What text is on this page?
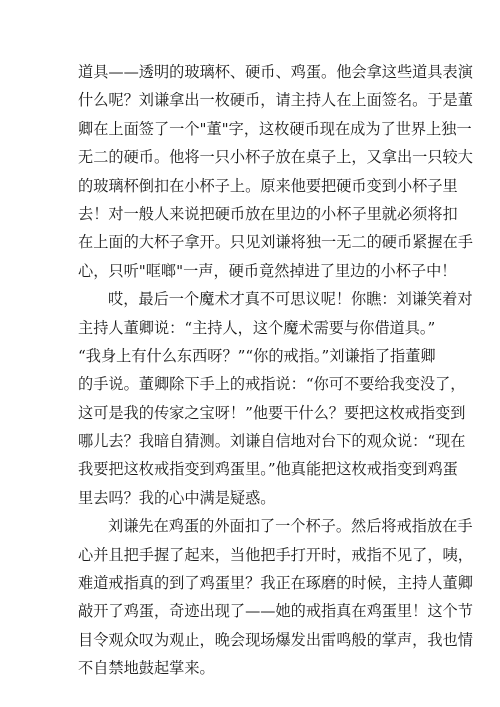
道具——透明的玻璃杯、硬币、鸡蛋。他会拿这些道具表演
什么呢？刘谦拿出一枚硬币，请主持人在上面签名。于是董
卿在上面签了一个"董"字，这枚硬币现在成为了世界上独一
无二的硬币。他将一只小杯子放在桌子上，又拿出一只较大
的玻璃杯倒扣在小杯子上。原来他要把硬币变到小杯子里
去！对一般人来说把硬币放在里边的小杯子里就必须将扣
在上面的大杯子拿开。只见刘谦将独一无二的硬币紧握在手
心，只听"哐啷"一声，硬币竟然掉进了里边的小杯子中！
哎，最后一个魔术才真不可思议呢！你瞧：刘谦笑着对
主持人董卿说：“主持人，这个魔术需要与你借道具。”
“我身上有什么东西呀？”“你的戒指。”刘谦指了指董卿
的手说。董卿除下手上的戒指说：“你可不要给我变没了，
这可是我的传家之宝呀！”他要干什么？要把这枚戒指变到
哪儿去？我暗自猜测。刘谦自信地对台下的观众说：“现在
我要把这枚戒指变到鸡蛋里。”他真能把这枚戒指变到鸡蛋
里去吗？我的心中满是疑惑。
刘谦先在鸡蛋的外面扣了一个杯子。然后将戒指放在手
心并且把手握了起来，当他把手打开时，戒指不见了，咦，
难道戒指真的到了鸡蛋里？我正在琢磨的时候，主持人董卿
敲开了鸡蛋，奇迹出现了——她的戒指真在鸡蛋里！这个节
目令观众叹为观止，晚会现场爆发出雷鸣般的掌声，我也情
不自禁地鼓起掌来。
